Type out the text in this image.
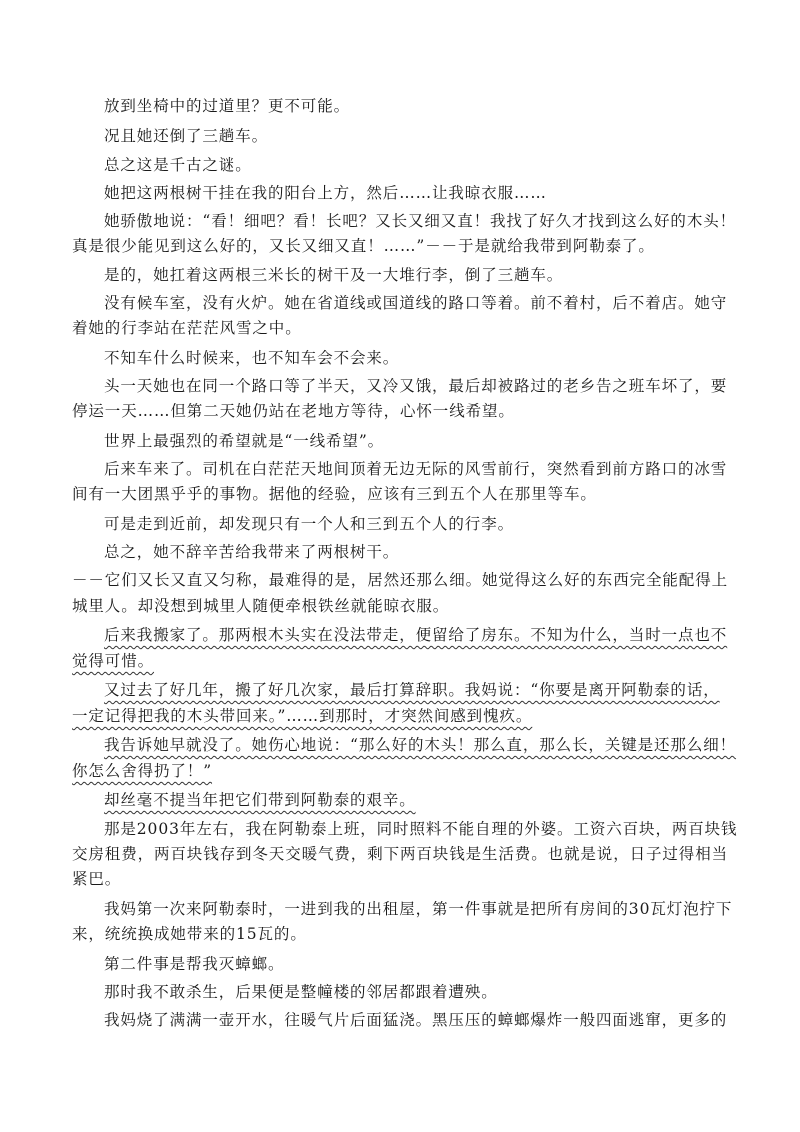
放到坐椅中的过道里？更不可能。
况且她还倒了三趟车。
总之这是千古之谜。
她把这两根树干挂在我的阳台上方，然后……让我晾衣服……
她骄傲地说：“看！细吧？看！长吧？又长又细又直！我找了好久才找到这么好的木头！
真是很少能见到这么好的，又长又细又直！……”－－于是就给我带到阿勒泰了。
是的，她扛着这两根三米长的树干及一大堆行李，倒了三趟车。
没有候车室，没有火炉。她在省道线或国道线的路口等着。前不着村，后不着店。她守
着她的行李站在茫茫风雪之中。
不知车什么时候来，也不知车会不会来。
头一天她也在同一个路口等了半天，又冷又饿，最后却被路过的老乡告之班车坏了，要
停运一天……但第二天她仍站在老地方等待，心怀一线希望。
世界上最强烈的希望就是“一线希望”。
后来车来了。司机在白茫茫天地间顶着无边无际的风雪前行，突然看到前方路口的冰雪
间有一大团黑乎乎的事物。据他的经验，应该有三到五个人在那里等车。
可是走到近前，却发现只有一个人和三到五个人的行李。
总之，她不辞辛苦给我带来了两根树干。
－－它们又长又直又匀称，最难得的是，居然还那么细。她觉得这么好的东西完全能配得上
城里人。却没想到城里人随便牵根铁丝就能晾衣服。
后来我搬家了。那两根木头实在没法带走，便留给了房东。不知为什么，当时一点也不
觉得可惜。
又过去了好几年，搬了好几次家，最后打算辞职。我妈说：“你要是离开阿勒泰的话，
一定记得把我的木头带回来。”……到那时，才突然间感到愧疚。
我告诉她早就没了。她伤心地说：“那么好的木头！那么直，那么长，关键是还那么细！
你怎么舍得扔了！”
却丝毫不提当年把它们带到阿勒泰的艰辛。
那是2003年左右，我在阿勒泰上班，同时照料不能自理的外婆。工资六百块，两百块钱
交房租费，两百块钱存到冬天交暖气费，剩下两百块钱是生活费。也就是说，日子过得相当
紧巴。
我妈第一次来阿勒泰时，一进到我的出租屋，第一件事就是把所有房间的30瓦灯泡拧下
来，统统换成她带来的15瓦的。
第二件事是帮我灭蟑螂。
那时我不敢杀生，后果便是整幢楼的邻居都跟着遭殃。
我妈烧了满满一壶开水，往暖气片后面猛浇。黑压压的蟑螂爆炸一般四面逃窜，更多的
